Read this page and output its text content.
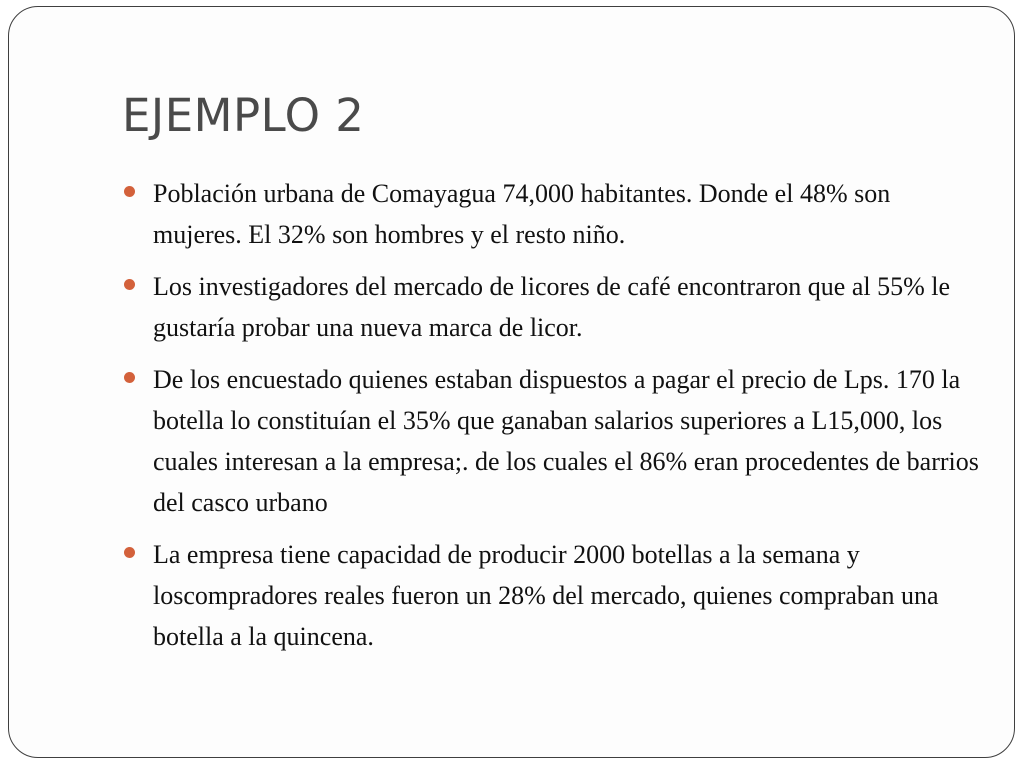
EJEMPLO 2
Población urbana de Comayagua 74,000 habitantes. Donde el 48% son mujeres. El 32% son hombres y el resto niño.
Los investigadores del mercado de licores de café encontraron que al 55% le gustaría probar una nueva marca de licor.
De los encuestado quienes estaban dispuestos a pagar el precio de Lps. 170 la botella lo constituían el 35% que ganaban salarios superiores a L15,000, los cuales interesan a la empresa;. de los cuales el 86% eran procedentes de barrios del casco urbano
La empresa tiene capacidad de producir 2000 botellas a la semana y loscompradores reales fueron un 28% del mercado, quienes compraban una botella a la quincena.
